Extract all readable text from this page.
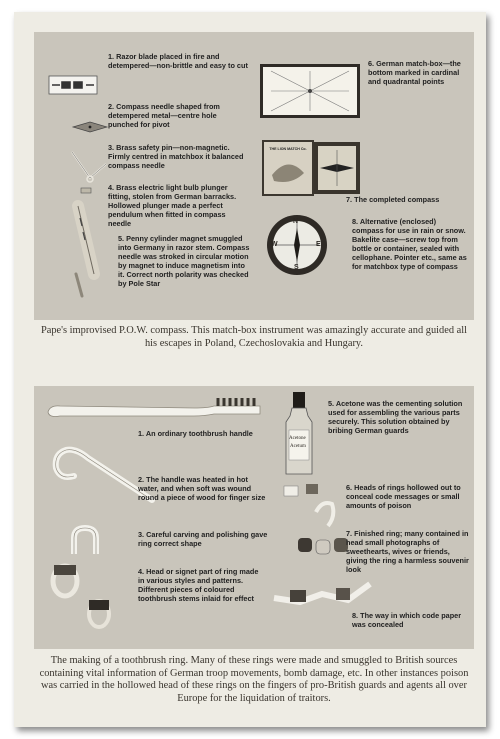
THE LION MATCH Co.
N
E
S
W
1. Razor blade placed in fire and detempered—non-brittle and easy to cut
2. Compass needle shaped from detempered metal—centre hole punched for pivot
3. Brass safety pin—non-magnetic. Firmly centred in matchbox it balanced compass needle
4. Brass electric light bulb plunger fitting, stolen from German barracks. Hollowed plunger made a perfect pendulum when fitted in compass needle
5. Penny cylinder magnet smuggled into Germany in razor stem. Compass needle was stroked in circular motion by magnet to induce magnetism into it. Correct north polarity was checked by Pole Star
6. German match-box—the bottom marked in cardinal and quadrantal points
7. The completed compass
8. Alternative (enclosed) compass for use in rain or snow. Bakelite case—screw top from bottle or container, sealed with cellophane. Pointer etc., same as for matchbox type of compass
Pape's improvised P.O.W. compass. This match-box instrument was amazingly accurate and guided all his escapes in Poland, Czechoslovakia and Hungary.
Acetone
Acetum
1. An ordinary toothbrush handle
2. The handle was heated in hot water, and when soft was wound round a piece of wood for finger size
3. Careful carving and polishing gave ring correct shape
4. Head or signet part of ring made in various styles and patterns. Different pieces of coloured toothbrush stems inlaid for effect
5. Acetone was the cementing solution used for assembling the various parts securely. This solution obtained by bribing German guards
6. Heads of rings hollowed out to conceal code messages or small amounts of poison
7. Finished ring; many contained in head small photographs of sweethearts, wives or friends, giving the ring a harmless souvenir look
8. The way in which code paper was concealed
The making of a toothbrush ring. Many of these rings were made and smuggled to British sources containing vital information of German troop movements, bomb damage, etc. In other instances poison was carried in the hollowed head of these rings on the fingers of pro-British guards and agents all over Europe for the liquidation of traitors.
